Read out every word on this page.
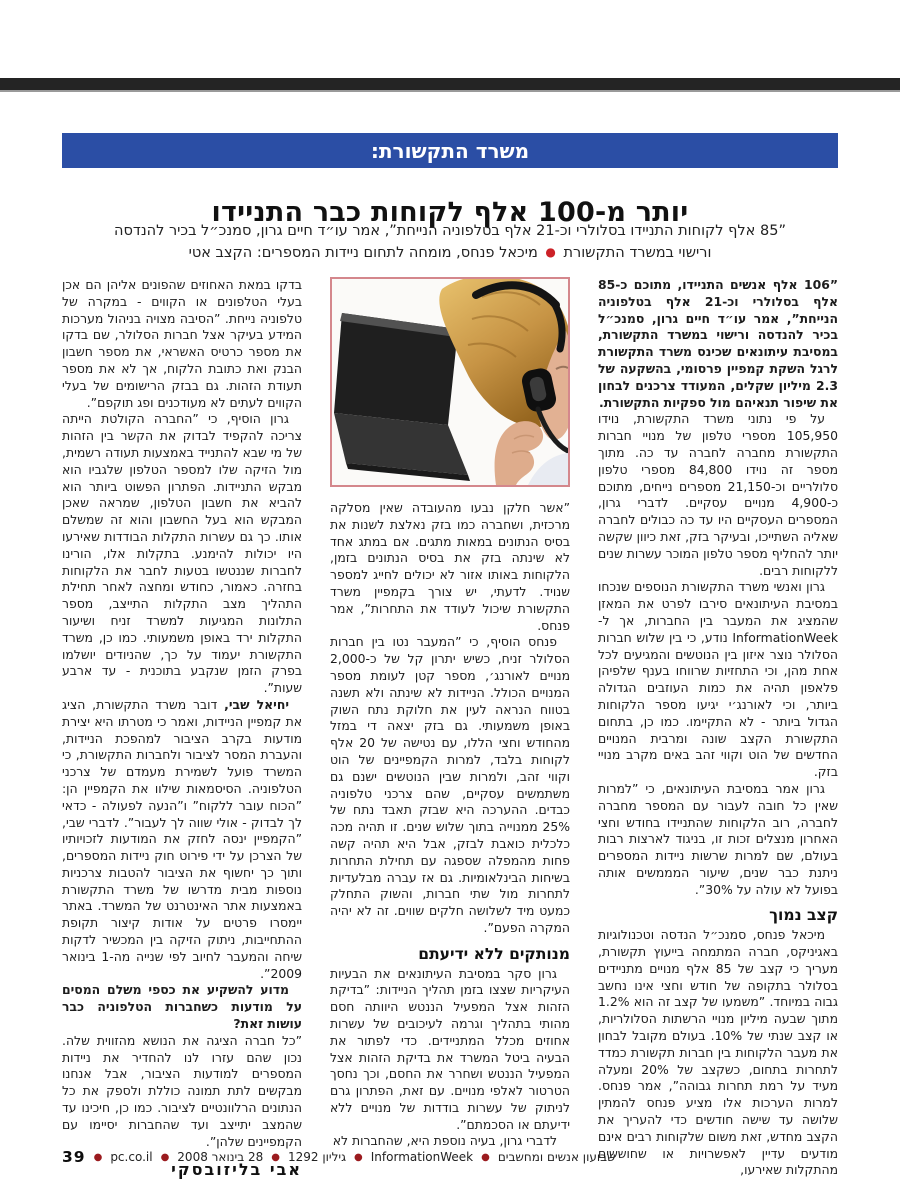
משרד התקשורת:
יותר מ-100 אלף לקוחות כבר התניידו
”85 אלף לקוחות התניידו בסלולרי וכ-21 אלף בטלפוניה הנייחת”, אמר עו״ד חיים גרון, סמנכ״ל בכיר להנדסה
ורישוי במשרד התקשורת ● מיכאל פנחס, מומחה לתחום ניידות המספרים: הקצב אטי

”106 אלף אנשים התניידו, מתוכם כ-85 אלף בסלולרי וכ-21 אלף בטלפוניה הנייחת”, אמר עו״ד חיים גרון, סמנכ״ל בכיר להנדסה ורישוי במשרד התקשורת, במסיבת עיתונאים שכינס משרד התקשורת לרגל השקת קמפיין פרסומי, בהשקעה של 2.3 מיליון שקלים, המעודד צרכנים לבחון את שיפור תנאיהם מול ספקיות התקשורת.

על פי נתוני משרד התקשורת, נוידו 105,950 מספרי טלפון של מנויי חברות התקשורת מחברה לחברה עד כה. מתוך מספר זה נוידו 84,800 מספרי טלפון סלולריים וכ-21,150 מספרים נייחים, מתוכם כ-4,900 מנויים עסקיים. לדברי גרון, המספרים העסקיים היו עד כה כבולים לחברה שאליה השתייכו, ובעיקר בזק, זאת כיוון שקשה יותר להחליף מספר טלפון המוכר עשרות שנים ללקוחות רבים.

גרון ואנשי משרד התקשורת הנוספים שנכחו במסיבת העיתונאים סירבו לפרט את המאזן שהמציג את המעבר בין החברות, אך ל-InformationWeek נודע, כי בין שלוש חברות הסלולר נוצר איזון בין הנוטשים והמגיעים לכל אחת מהן, וכי התחזיות שרווחו בענף שלפיהן פלאפון תהיה את כמות העוזבים הגדולה ביותר, וכי לאורנג׳י יגיעו מספר הלקוחות הגדול ביותר - לא התקיימו. כמו כן, בתחום התקשורת הקצב שונה ומרבית המנויים החדשים של הוט וקווי זהב באים מקרב מנויי בזק.

גרון אמר במסיבת העיתונאים, כי ”למרות שאין כל חובה לעבור עם המספר מחברה לחברה, רוב הלקוחות שהתניידו בחודש וחצי האחרון מנצלים זכות זו, בניגוד לארצות רבות בעולם, שם למרות שרשות ניידות המספרים ניתנת כבר שנים, שיעור המממשים אותה בפועל לא עולה על 30%”.

קצב נמוך

מיכאל פנחס, סמנכ״ל הנדסה וטכנולוגיות באגיניקס, חברה המתמחה בייעוץ תקשורת, מעריך כי קצב של 85 אלף מנויים מתניידים בסלולר בתקופה של חודש וחצי אינו נחשב גבוה במיוחד. ”משמעו של קצב זה הוא 1.2% מתוך שבעה מיליון מנויי הרשתות הסלולריות, או קצב שנתי של 10%. בעולם מקובל לבחון את מעבר הלקוחות בין חברות תקשורת כמדד לתחרות בתחום, כשקצב של 20% ומעלה מעיד על רמת תחרות גבוהה”, אמר פנחס. למרות הערכות אלו מציע פנחס להמתין שלושה עד שישה חודשים כדי להעריך את הקצב מחדש, זאת משום שלקוחות רבים אינם מודעים עדיין לאפשרויות או שחוששים מהתקלות שאירעו,

”אשר חלקן נבעו מהעובדה שאין מסלקה מרכזית, ושחברה כמו בזק נאלצת לשנות את בסיס הנתונים במאות מתגים. אם במתג אחד לא שינתה בזק את בסיס הנתונים בזמן, הלקוחות באותו אזור לא יכולים לחייג למספר שנויד. לדעתי, יש צורך בקמפיין משרד התקשורת שיכול לעודד את התחרות”, אמר פנחס.

פנחס הוסיף, כי ”המעבר נטו בין חברות הסלולר זניח, כשיש יתרון קל של כ-2,000 מנויים לאורנג׳, מספר קטן לעומת מספר המנויים הכולל. הניידות לא שינתה ולא תשנה בטווח הנראה לעין את חלוקת נתח השוק באופן משמעותי. גם בזק יצאה די במזל מהחודש וחצי הללו, עם נטישה של 20 אלף לקוחות בלבד, למרות הקמפיינים של הוט וקווי זהב, ולמרות שבין הנוטשים ישנם גם משתמשים עסקיים, שהם צרכני טלפוניה כבדים. ההערכה היא שבזק תאבד נתח של 25% ממנוייה בתוך שלוש שנים. זו תהיה מכה כלכלית כואבת לבזק, אבל היא תהיה קשה פחות מהמפלה שספגה עם תחילת התחרות בשיחות הבינלאומיות. גם אז עברה מבלעדיות לתחרות מול שתי חברות, והשוק התחלק כמעט מיד לשלושה חלקים שווים. זה לא יהיה המקרה הפעם”.

מנותקים ללא ידיעתם

גרון סקר במסיבת העיתונאים את הבעיות העיקריות שצצו בזמן תהליך הניידות: ”בדיקת הזהות אצל המפעיל הננטש היוותה חסם מהותי בתהליך וגרמה לעיכובים של עשרות אחוזים מכלל המתניידים. כדי לפתור את הבעיה ביטל המשרד את בדיקת הזהות אצל המפעיל הננטש ושחרר את החסם, וכך נחסך הטרטור לאלפי מנויים. עם זאת, הפתרון גרם לניתוק של עשרות בודדות של מנויים ללא ידיעתם או הסכמתם”.

לדברי גרון, בעיה נוספת היא, שהחברות לא

בדקו במאת האחוזים שהפונים אליהן הם אכן בעלי הטלפונים או הקווים - במקרה של טלפוניה נייחת. ”הסיבה מצויה בניהול מערכות המידע בעיקר אצל חברות הסלולר, שם בדקו את מספר כרטיס האשראי, את מספר חשבון הבנק ואת כתובת הלקוח, אך לא את מספר תעודת הזהות. גם בבזק הרישומים של בעלי הקווים לעתים לא מעודכנים ופג תוקפם”.

גרון הוסיף, כי ”החברה הקולטת הייתה צריכה להקפיד לבדוק את הקשר בין הזהות של מי שבא להתנייד באמצעות תעודה רשמית, מול הזיקה שלו למספר הטלפון שלגביו הוא מבקש התניידות. הפתרון הפשוט ביותר הוא להביא את חשבון הטלפון, שמראה שאכן המבקש הוא בעל החשבון והוא זה שמשלם אותו. כך גם עשרות התקלות הבודדות שאירעו היו יכולות להימנע. בתקלות אלו, הורינו לחברות שננטשו בטעות לחבר את הלקוחות בחזרה. כאמור, כחודש ומחצה לאחר תחילת התהליך מצב התקלות התייצב, מספר התלונות המגיעות למשרד זניח ושיעור התקלות ירד באופן משמעותי. כמו כן, משרד התקשורת יעמוד על כך, שהניודים יושלמו בפרק הזמן שנקבע בתוכנית - עד ארבע שעות”.

יחיאל שבי, דובר משרד התקשורת, הציג את קמפיין הניידות, ואמר כי מטרתו היא יצירת מודעות בקרב הציבור למהפכת הניידות, והעברת המסר לציבור ולחברות התקשורת, כי המשרד פועל לשמירת מעמדם של צרכני הטלפוניה. הסיסמאות שילוו את הקמפיין הן: ”הכוח עובר ללקוח” ו”הנעה לפעולה - כדאי לך לבדוק - אולי שווה לך לעבור”. לדברי שבי, ”הקמפיין ינסה לחזק את המודעות לזכויותיו של הצרכן על ידי פירוט חוק ניידות המספרים, ותוך כך יחשוף את הציבור להטבות צרכניות נוספות מבית מדרשו של משרד התקשורת באמצעות אתר האינטרנט של המשרד. באתר יימסרו פרטים על אודות קיצור תקופת ההתחייבות, ניתוק הזיקה בין המכשיר לדקות שיחה והמעבר לחיוב לפי שנייה מה-1 בינואר 2009”.

מדוע להשקיע את כספי משלם המסים על מודעות כשחברות הטלפוניה כבר עושות זאת?

”כל חברה הציגה את הנושא מהזווית שלה. נכון שהם עזרו לנו להחדיר את ניידות המספרים למודעות הציבור, אבל אנחנו מבקשים לתת תמונה כוללת ולספק את כל הנתונים הרלוונטיים לציבור. כמו כן, חיכינו עד שהמצב יתייצב ועד שהחברות יסיימו עם הקמפיינים שלהן”.

אבי בליזובסקי
שבועון אנשים ומחשבים
●
InformationWeek
●
גיליון 1292
●
28 בינואר 2008
●
pc.co.il
●
39
